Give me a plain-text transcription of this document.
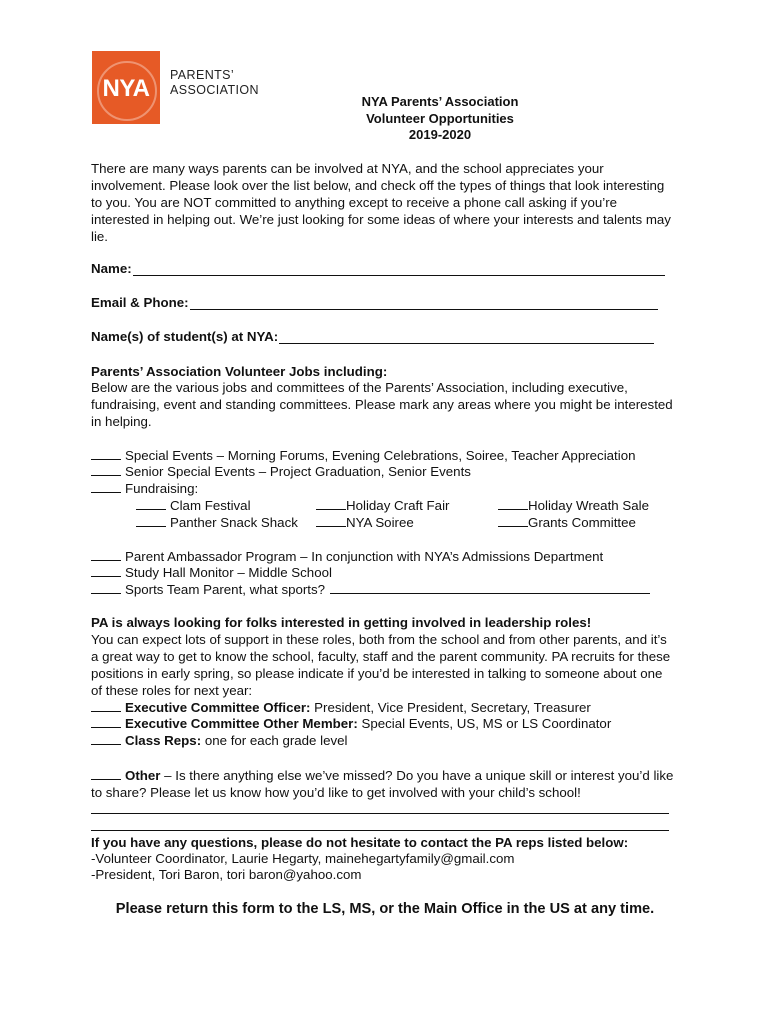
NYA	PARENTS’
ASSOCIATION
NYA Parents’ Association
Volunteer Opportunities
2019-2020
There are many ways parents can be involved at NYA, and the school appreciates your involvement. Please look over the list below, and check off the types of things that look interesting to you. You are NOT committed to anything except to receive a phone call asking if you’re interested in helping out. We’re just looking for some ideas of where your interests and talents may lie.
Name:
Email & Phone:
Name(s) of student(s) at NYA:
Parents’ Association Volunteer Jobs including:
Below are the various jobs and committees of the Parents’ Association, including executive, fundraising, event and standing committees. Please mark any areas where you might be interested in helping.
Special Events – Morning Forums, Evening Celebrations, Soiree, Teacher Appreciation
Senior Special Events – Project Graduation, Senior Events
Fundraising:
Clam Festival	Holiday Craft Fair	Holiday Wreath Sale
Panther Snack Shack	NYA Soiree	Grants Committee
Parent Ambassador Program – In conjunction with NYA’s Admissions Department
Study Hall Monitor – Middle School
Sports Team Parent, what sports?
PA is always looking for folks interested in getting involved in leadership roles!
You can expect lots of support in these roles, both from the school and from other parents, and it’s a great way to get to know the school, faculty, staff and the parent community. PA recruits for these positions in early spring, so please indicate if you’d be interested in talking to someone about one of these roles for next year:
Executive Committee Officer: President, Vice President, Secretary, Treasurer
Executive Committee Other Member: Special Events, US, MS or LS Coordinator
Class Reps: one for each grade level
Other – Is there anything else we’ve missed? Do you have a unique skill or interest you’d like to share? Please let us know how you’d like to get involved with your child’s school!
If you have any questions, please do not hesitate to contact the PA reps listed below:
-Volunteer Coordinator, Laurie Hegarty, mainehegartyfamily@gmail.com
-President, Tori Baron, tori baron@yahoo.com
Please return this form to the LS, MS, or the Main Office in the US at any time.
